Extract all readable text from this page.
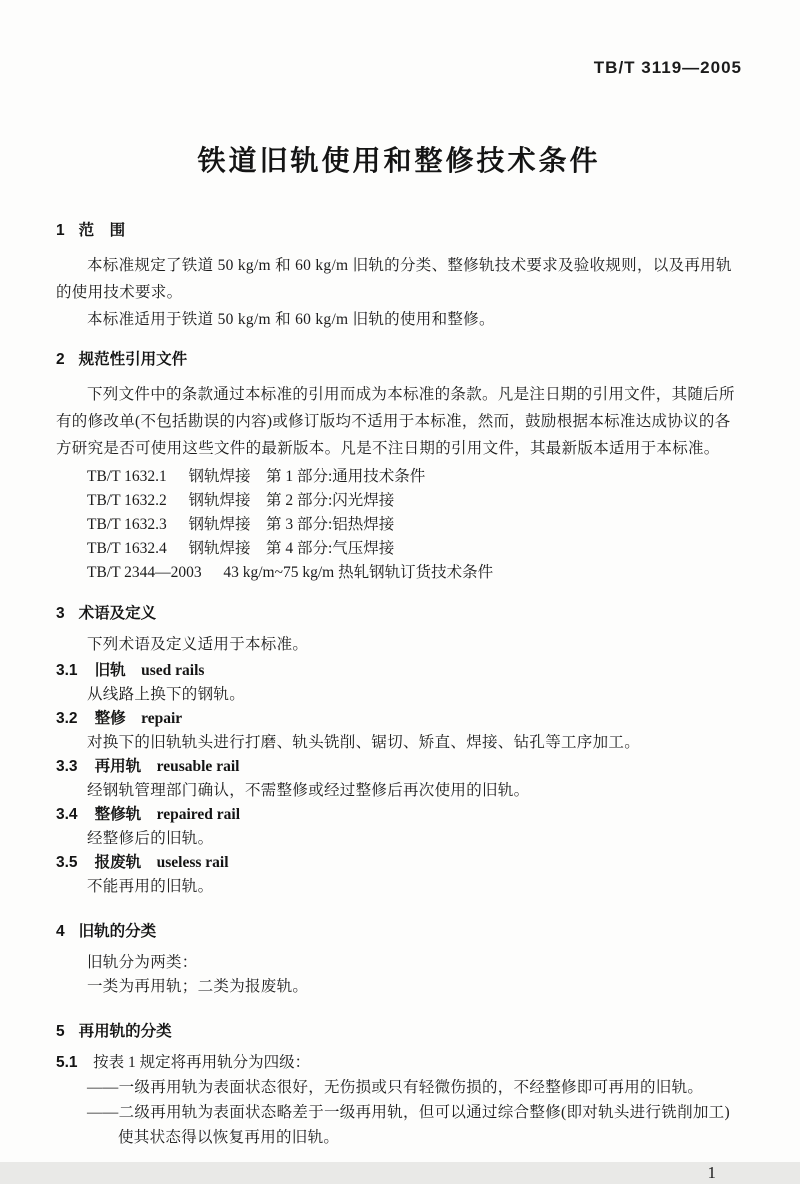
TB/T 3119—2005
铁道旧轨使用和整修技术条件
1 范　围

本标准规定了铁道 50 kg/m 和 60 kg/m 旧轨的分类、整修轨技术要求及验收规则，以及再用轨的使用技术要求。

本标准适用于铁道 50 kg/m 和 60 kg/m 旧轨的使用和整修。

2 规范性引用文件

下列文件中的条款通过本标准的引用而成为本标准的条款。凡是注日期的引用文件，其随后所有的修改单(不包括勘误的内容)或修订版均不适用于本标准，然而，鼓励根据本标准达成协议的各方研究是否可使用这些文件的最新版本。凡是不注日期的引用文件，其最新版本适用于本标准。

TB/T 1632.1 钢轨焊接　第 1 部分:通用技术条件
TB/T 1632.2 钢轨焊接　第 2 部分:闪光焊接
TB/T 1632.3 钢轨焊接　第 3 部分:铝热焊接
TB/T 1632.4 钢轨焊接　第 4 部分:气压焊接
TB/T 2344—2003 43 kg/m~75 kg/m 热轧钢轨订货技术条件
3 术语及定义

下列术语及定义适用于本标准。

3.1 旧轨 used rails

从线路上换下的钢轨。

3.2 整修 repair

对换下的旧轨轨头进行打磨、轨头铣削、锯切、矫直、焊接、钻孔等工序加工。

3.3 再用轨 reusable rail

经钢轨管理部门确认，不需整修或经过整修后再次使用的旧轨。

3.4 整修轨 repaired rail

经整修后的旧轨。

3.5 报废轨 useless rail

不能再用的旧轨。

4 旧轨的分类

旧轨分为两类：

一类为再用轨；二类为报废轨。

5 再用轨的分类
5.1 按表 1 规定将再用轨分为四级：

——一级再用轨为表面状态很好，无伤损或只有轻微伤损的，不经整修即可再用的旧轨。

——二级再用轨为表面状态略差于一级再用轨，但可以通过综合整修(即对轨头进行铣削加工)使其状态得以恢复再用的旧轨。

1
